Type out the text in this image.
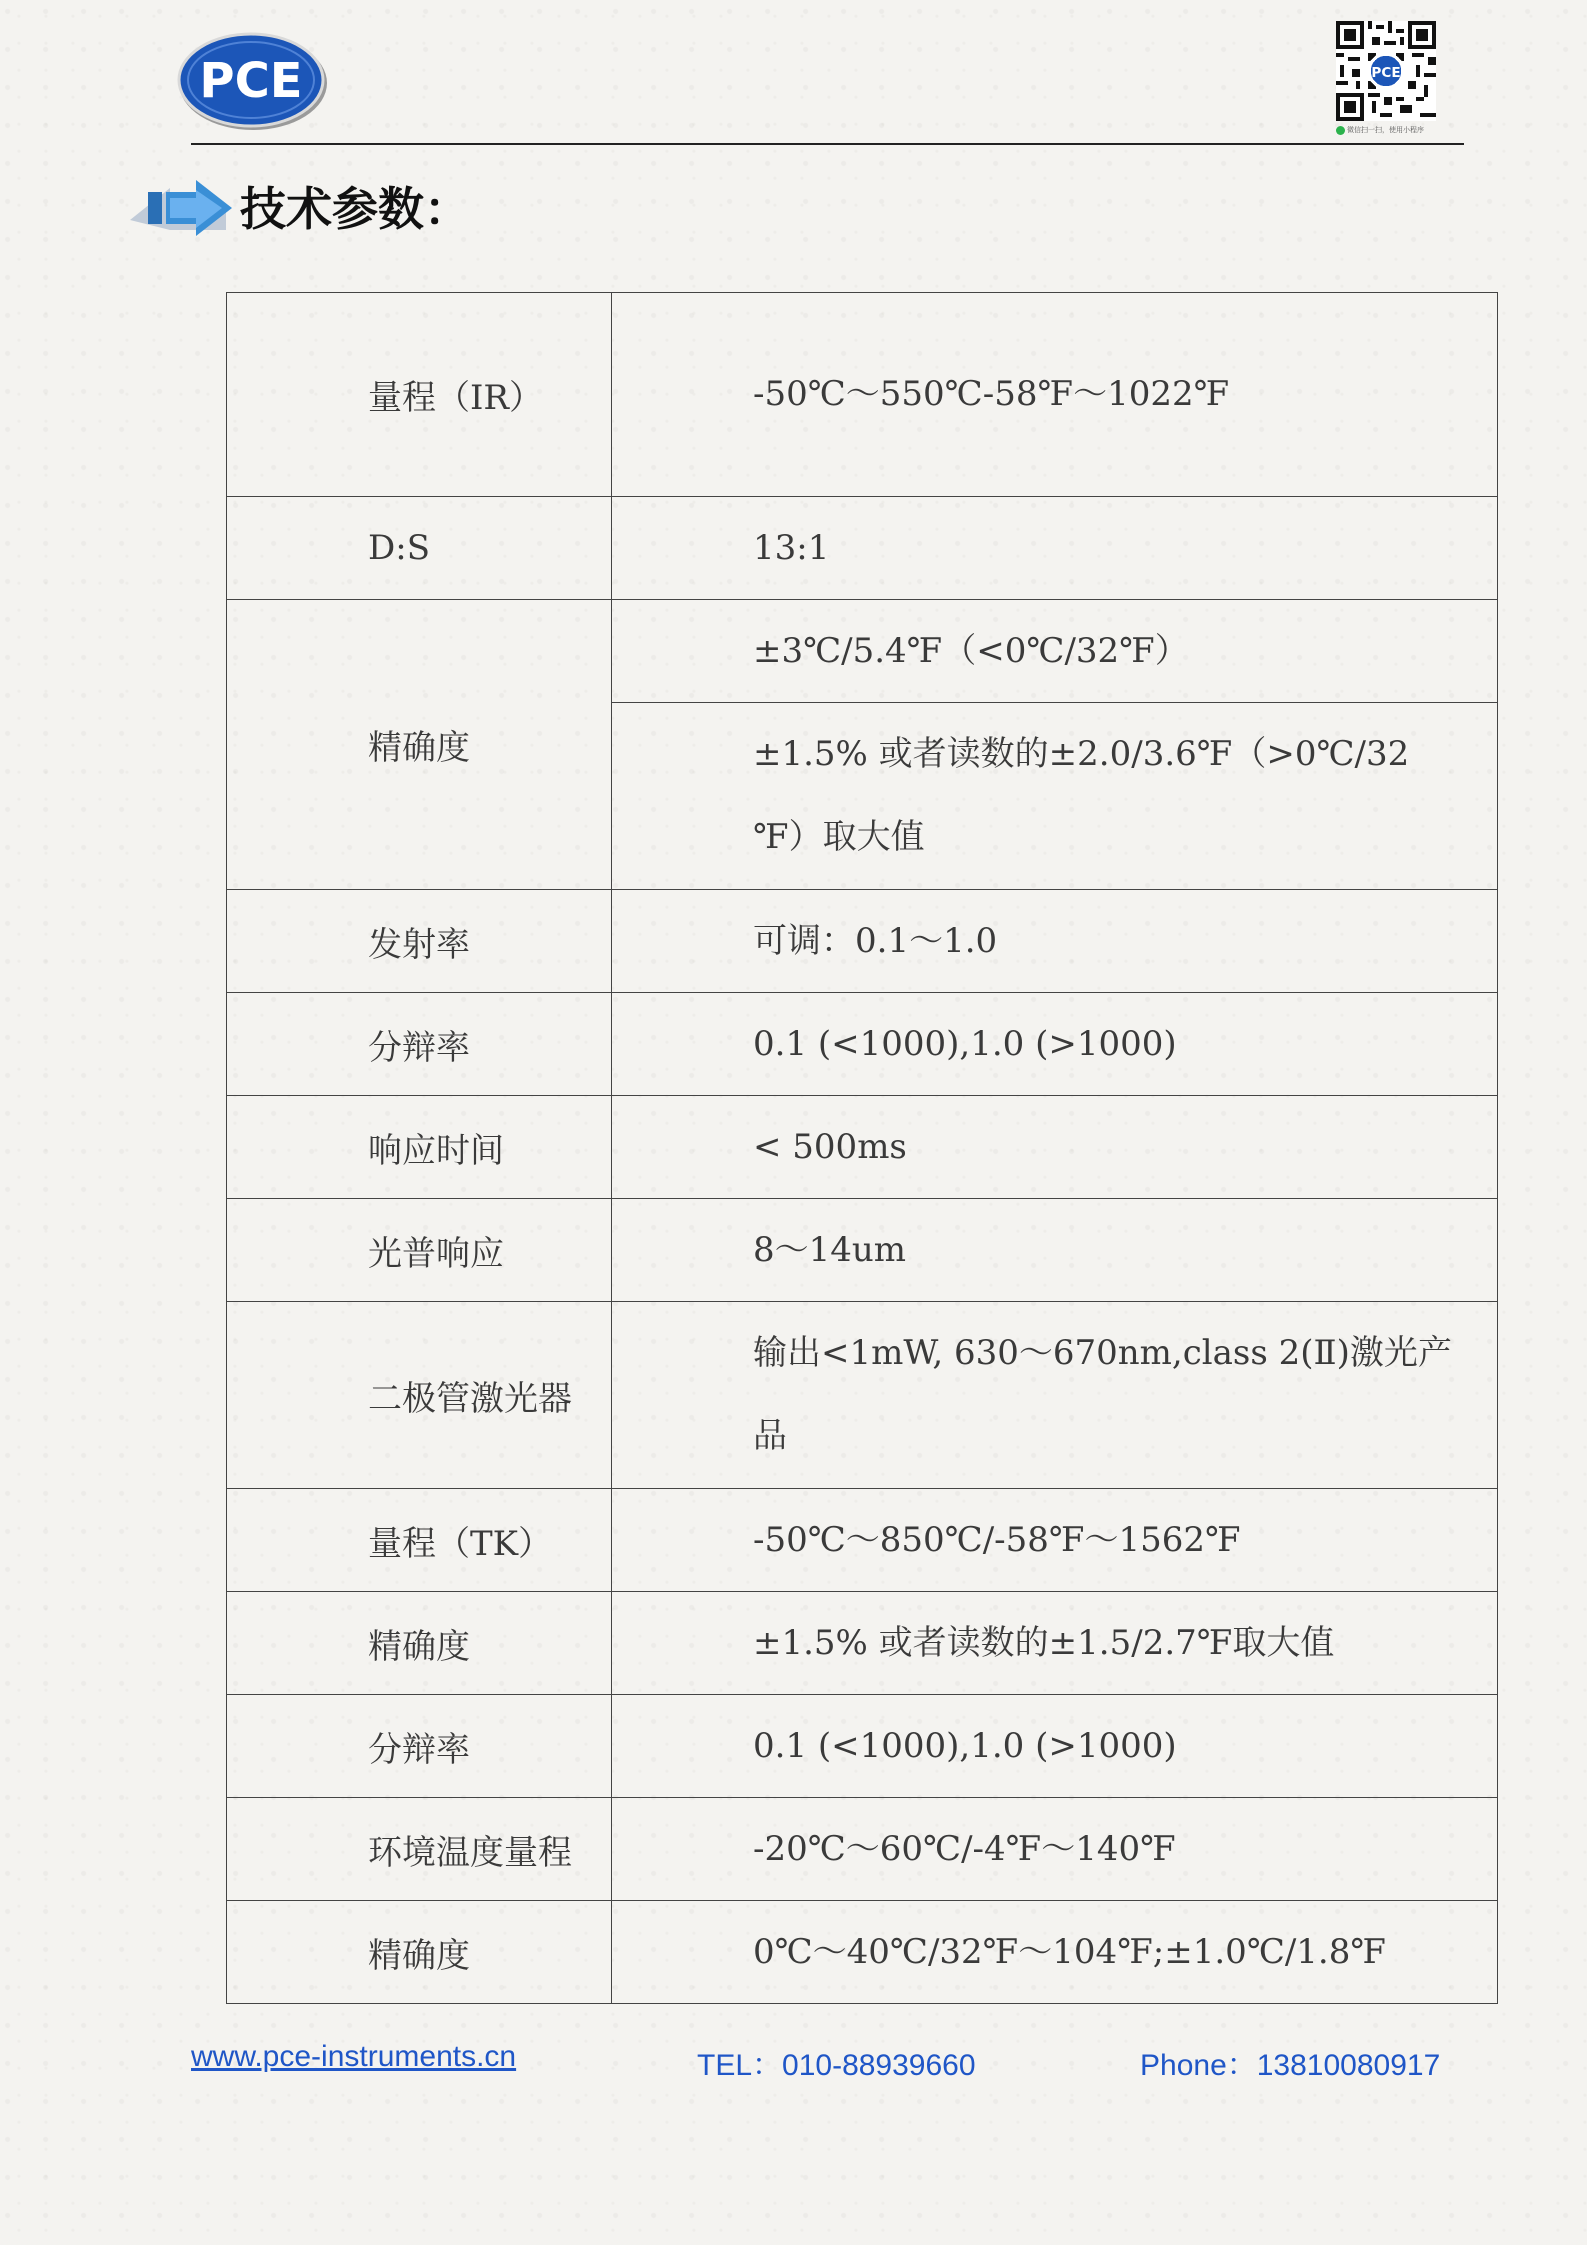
PCE	PCE
微信扫一扫，使用小程序
技术参数：
量程（IR）	-50℃～550℃-58℉～1022℉
D:S	13:1
精确度	±3℃/5.4℉（<0℃/32℉）

	±1.5% 或者读数的±2.0/3.6℉（>0℃/32
℉）取大值

发射率	可调：0.1～1.0
分辩率	0.1 (<1000),1.0 (>1000)
响应时间	< 500ms
光普响应	8～14um
二极管激光器	输出<1mW, 630～670nm,class 2(Ⅱ)激光产
品

量程（TK）	-50℃～850℃/-58℉～1562℉
精确度	±1.5% 或者读数的±1.5/2.7℉取大值
分辩率	0.1 (<1000),1.0 (>1000)
环境温度量程	-20℃～60℃/-4℉～140℉
精确度	0℃～40℃/32℉～104℉;±1.0℃/1.8℉
www.pce-instruments.cn	TEL：010-88939660	Phone：13810080917
